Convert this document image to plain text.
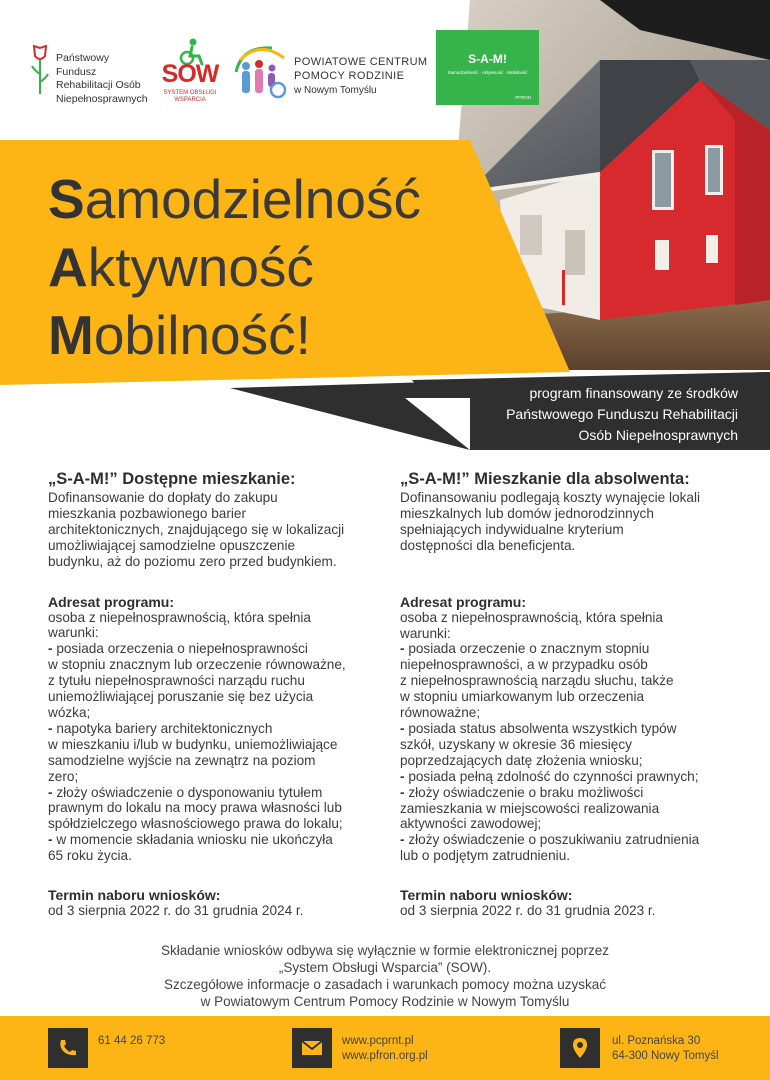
Państwowy Fundusz
Rehabilitacji Osób
Niepełnosprawnych
SOW
SYSTEM OBSŁUGI
WSPARCIA
POWIATOWE CENTRUM
POMOCY RODZINIE
w Nowym Tomyślu
S-A-M!
Samodzielność · Aktywność · Mobilność
PFRON
Samodzielność
Aktywność
Mobilność!
program finansowany ze środków
Państwowego Funduszu Rehabilitacji
Osób Niepełnosprawnych
„S-A-M!” Dostępne mieszkanie:

Dofinansowanie do dopłaty do zakupu

mieszkania pozbawionego barier

architektonicznych, znajdującego się w lokalizacji

umożliwiającej samodzielne opuszczenie

budynku, aż do poziomu zero przed budynkiem.

Adresat programu:

osoba z niepełnosprawnością, która spełnia

warunki:

- posiada orzeczenia o niepełnosprawności
w stopniu znacznym lub orzeczenie równoważne,
z tytułu niepełnosprawności narządu ruchu
uniemożliwiającej poruszanie się bez użycia
wózka;
- napotyka bariery architektonicznych
w mieszkaniu i/lub w budynku, uniemożliwiające
samodzielne wyjście na zewnątrz na poziom
zero;
- złoży oświadczenie o dysponowaniu tytułem
prawnym do lokalu na mocy prawa własności lub
spółdzielczego własnościowego prawa do lokalu;
- w momencie składania wniosku nie ukończyła
65 roku życia.
Termin naboru wniosków:

od 3 sierpnia 2022 r. do 31 grudnia 2024 r.

„S-A-M!” Mieszkanie dla absolwenta:

Dofinansowaniu podlegają koszty wynajęcie lokali

mieszkalnych lub domów jednorodzinnych

spełniających indywidualne kryterium

dostępności dla beneficjenta.

Adresat programu:

osoba z niepełnosprawnością, która spełnia

warunki:

- posiada orzeczenie o znacznym stopniu
niepełnosprawności, a w przypadku osób
z niepełnosprawnością narządu słuchu, także
w stopniu umiarkowanym lub orzeczenia
równoważne;
- posiada status absolwenta wszystkich typów
szkół, uzyskany w okresie 36 miesięcy
poprzedzających datę złożenia wniosku;
- posiada pełną zdolność do czynności prawnych;
- złoży oświadczenie o braku możliwości
zamieszkania w miejscowości realizowania
aktywności zawodowej;
- złoży oświadczenie o poszukiwaniu zatrudnienia
lub o podjętym zatrudnieniu.
Termin naboru wniosków:

od 3 sierpnia 2022 r. do 31 grudnia 2023 r.

Składanie wniosków odbywa się wyłącznie w formie elektronicznej poprzez
„System Obsługi Wsparcia” (SOW).
Szczegółowe informacje o zasadach i warunkach pomocy można uzyskać
w Powiatowym Centrum Pomocy Rodzinie w Nowym Tomyślu
61 44 26 773	www.pcprnt.pl
www.pfron.org.pl
ul. Poznańska 30
64-300 Nowy Tomyśl
